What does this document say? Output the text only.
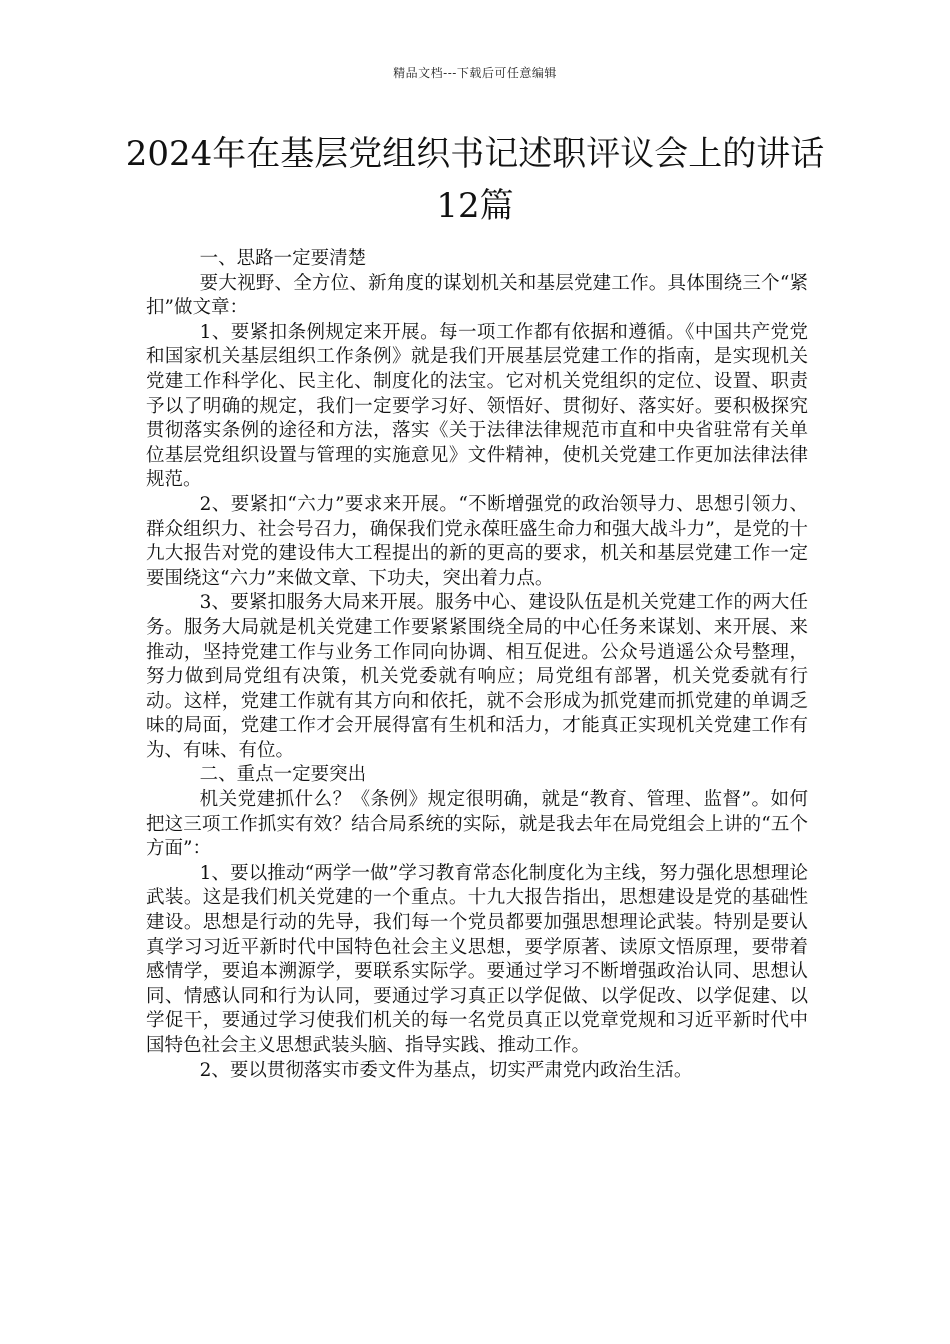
精品文档---下载后可任意编辑
2024年在基层党组织书记述职评议会上的讲话12篇

一、思路一定要清楚

要大视野、全方位、新角度的谋划机关和基层党建工作。具体围绕三个“紧扣”做文章：

1、要紧扣条例规定来开展。每一项工作都有依据和遵循。《中国共产党党和国家机关基层组织工作条例》就是我们开展基层党建工作的指南，是实现机关党建工作科学化、民主化、制度化的法宝。它对机关党组织的定位、设置、职责予以了明确的规定，我们一定要学习好、领悟好、贯彻好、落实好。要积极探究贯彻落实条例的途径和方法，落实《关于法律法律规范市直和中央省驻常有关单位基层党组织设置与管理的实施意见》文件精神，使机关党建工作更加法律法律规范。

2、要紧扣“六力”要求来开展。“不断增强党的政治领导力、思想引领力、群众组织力、社会号召力，确保我们党永葆旺盛生命力和强大战斗力”，是党的十九大报告对党的建设伟大工程提出的新的更高的要求，机关和基层党建工作一定要围绕这“六力”来做文章、下功夫，突出着力点。

3、要紧扣服务大局来开展。服务中心、建设队伍是机关党建工作的两大任务。服务大局就是机关党建工作要紧紧围绕全局的中心任务来谋划、来开展、来推动，坚持党建工作与业务工作同向协调、相互促进。公众号逍遥公众号整理，努力做到局党组有决策，机关党委就有响应；局党组有部署，机关党委就有行动。这样，党建工作就有其方向和依托，就不会形成为抓党建而抓党建的单调乏味的局面，党建工作才会开展得富有生机和活力，才能真正实现机关党建工作有为、有味、有位。

二、重点一定要突出

机关党建抓什么？《条例》规定很明确，就是“教育、管理、监督”。如何把这三项工作抓实有效？结合局系统的实际，就是我去年在局党组会上讲的“五个方面”：

1、要以推动“两学一做”学习教育常态化制度化为主线，努力强化思想理论武装。这是我们机关党建的一个重点。十九大报告指出，思想建设是党的基础性建设。思想是行动的先导，我们每一个党员都要加强思想理论武装。特别是要认真学习习近平新时代中国特色社会主义思想，要学原著、读原文悟原理，要带着感情学，要追本溯源学，要联系实际学。要通过学习不断增强政治认同、思想认同、情感认同和行为认同，要通过学习真正以学促做、以学促改、以学促建、以学促干，要通过学习使我们机关的每一名党员真正以党章党规和习近平新时代中国特色社会主义思想武装头脑、指导实践、推动工作。

2、要以贯彻落实市委文件为基点，切实严肃党内政治生活。
